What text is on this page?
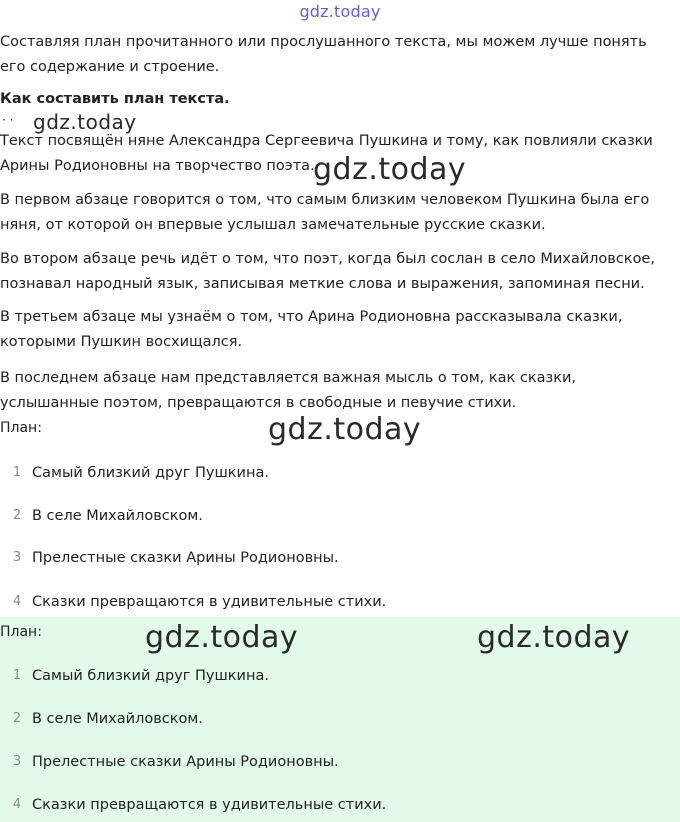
gdz.today

Составляя план прочитанного или прослушанного текста, мы можем лучше понять его содержание и строение.

Как составить план текста.

· · gdz.today

Текст посвящён няне Александра Сергеевича Пушкина и тому, как повлияли сказки Арины Родионовны на творчество поэта.

gdz.today

В первом абзаце говорится о том, что самым близким человеком Пушкина была его няня, от которой он впервые услышал замечательные русские сказки.

Во втором абзаце речь идёт о том, что поэт, когда был сослан в село Михайловское, познавал народный язык, записывая меткие слова и выражения, запоминая песни.

В третьем абзаце мы узнаём о том, что Арина Родионовна рассказывала сказки, которыми Пушкин восхищался.

В последнем абзаце нам представляется важная мысль о том, как сказки, услышанные поэтом, превращаются в свободные и певучие стихи.

План:	gdz.today
1 Самый близкий друг Пушкина.
2 В селе Михайловском.
3 Прелестные сказки Арины Родионовны.
4 Сказки превращаются в удивительные стихи.
План:	gdz.today	gdz.today
1 Самый близкий друг Пушкина.
2 В селе Михайловском.
3 Прелестные сказки Арины Родионовны.
4 Сказки превращаются в удивительные стихи.
